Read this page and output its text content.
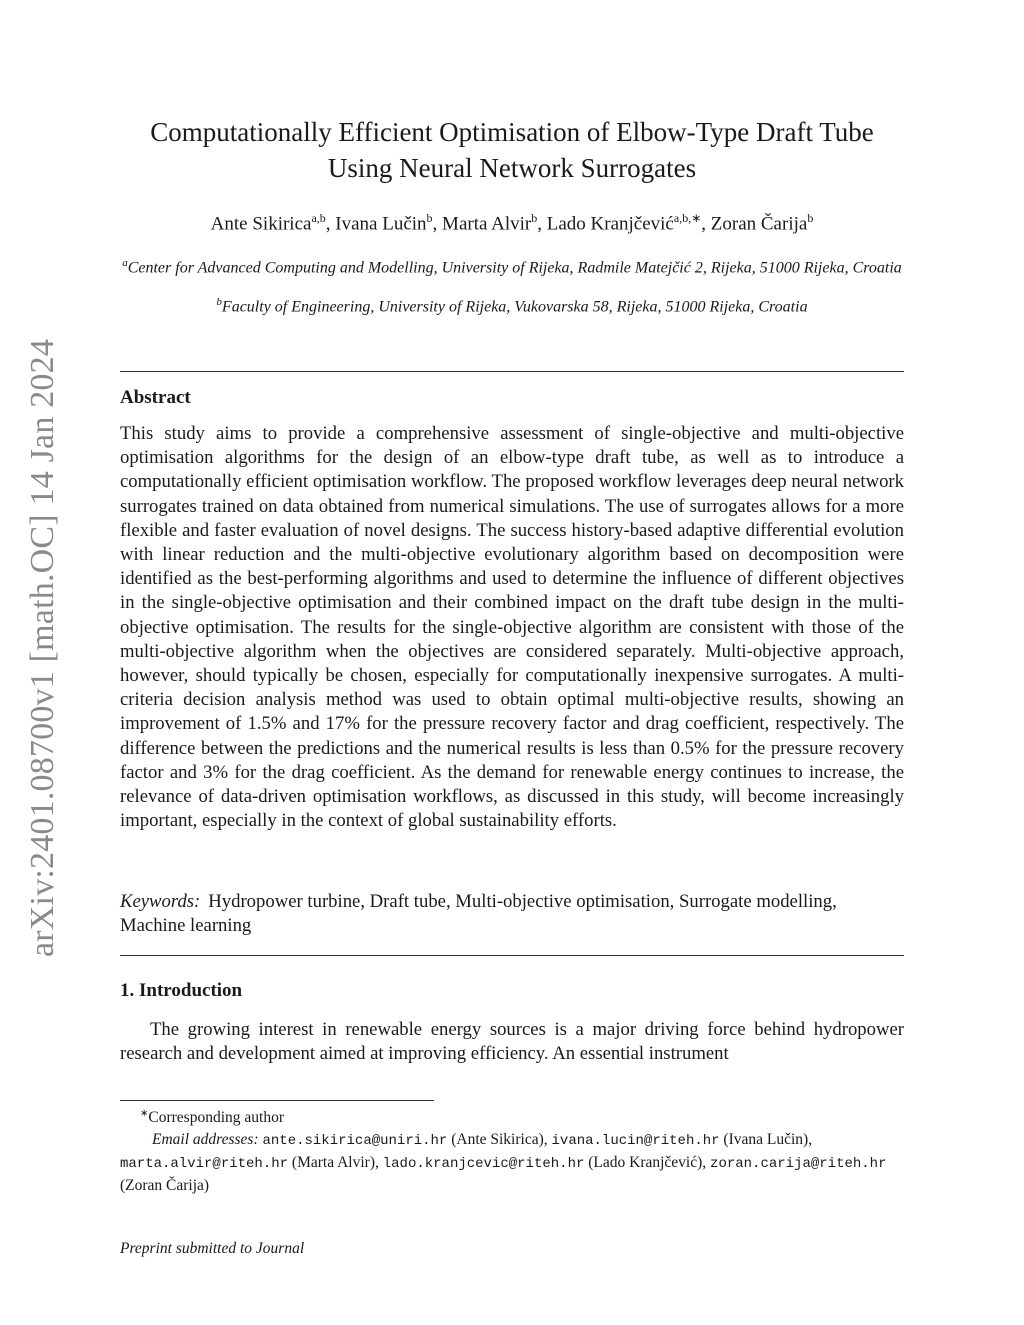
arXiv:2401.08700v1 [math.OC] 14 Jan 2024
Computationally Efficient Optimisation of Elbow-Type Draft Tube Using Neural Network Surrogates
Ante Sikirica$^{a,b}$, Ivana Lučin$^b$, Marta Alvir$^b$, Lado Kranjčević$^{a,b,∗}$, Zoran Čarija$^b$
$^a$Center for Advanced Computing and Modelling, University of Rijeka, Radmile Matejčić 2, Rijeka, 51000 Rijeka, Croatia
$^b$Faculty of Engineering, University of Rijeka, Vukovarska 58, Rijeka, 51000 Rijeka, Croatia
Abstract

This study aims to provide a comprehensive assessment of single-objective and multi-objective optimisation algorithms for the design of an elbow-type draft tube, as well as to introduce a computationally efficient optimisation workflow. The proposed workflow leverages deep neural network surrogates trained on data obtained from numerical simulations. The use of surrogates allows for a more flexible and faster evaluation of novel designs. The success history-based adaptive differential evolution with linear reduction and the multi-objective evolutionary algorithm based on decomposition were identified as the best-performing algorithms and used to determine the influence of different objectives in the single-objective optimisation and their combined impact on the draft tube design in the multi-objective optimisation. The results for the single-objective algorithm are consistent with those of the multi-objective algorithm when the objectives are considered separately. Multi-objective approach, however, should typically be chosen, especially for computationally inexpensive surrogates. A multi-criteria decision analysis method was used to obtain optimal multi-objective results, showing an improvement of 1.5% and 17% for the pressure recovery factor and drag coefficient, respectively. The difference between the predictions and the numerical results is less than 0.5% for the pressure recovery factor and 3% for the drag coefficient. As the demand for renewable energy continues to increase, the relevance of data-driven optimisation workflows, as discussed in this study, will become increasingly important, especially in the context of global sustainability efforts.

Keywords: Hydropower turbine, Draft tube, Multi-objective optimisation, Surrogate modelling, Machine learning

1. Introduction

The growing interest in renewable energy sources is a major driving force behind hydropower research and development aimed at improving efficiency. An essential instrument

∗Corresponding author
Email addresses: ante.sikirica@uniri.hr (Ante Sikirica), ivana.lucin@riteh.hr (Ivana Lučin), marta.alvir@riteh.hr (Marta Alvir), lado.kranjcevic@riteh.hr (Lado Kranjčević), zoran.carija@riteh.hr (Zoran Čarija)
Preprint submitted to Journal
